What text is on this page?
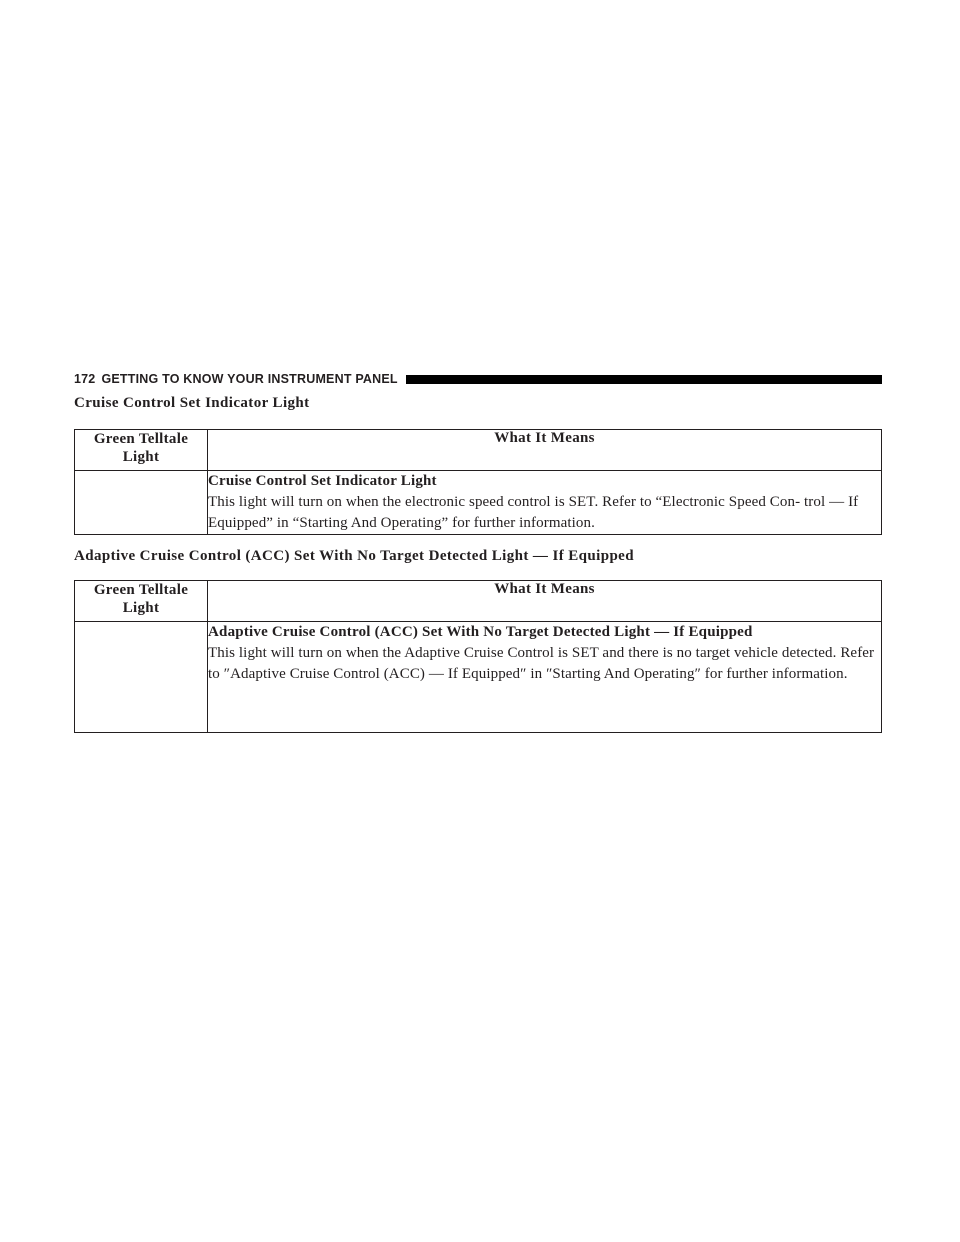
172 GETTING TO KNOW YOUR INSTRUMENT PANEL
Cruise Control Set Indicator Light
Green Telltale Light	What It Means

	Cruise Control Set Indicator Light
This light will turn on when the electronic speed control is SET. Refer to “Electronic Speed Con- trol — If Equipped” in “Starting And Operating” for further information.
Adaptive Cruise Control (ACC) Set With No Target Detected Light — If Equipped
Green Telltale Light	What It Means

	Adaptive Cruise Control (ACC) Set With No Target Detected Light — If Equipped
This light will turn on when the Adaptive Cruise Control is SET and there is no target vehicle detected. Refer to ″Adaptive Cruise Control (ACC) — If Equipped″ in ″Starting And Operating″ for further information.
